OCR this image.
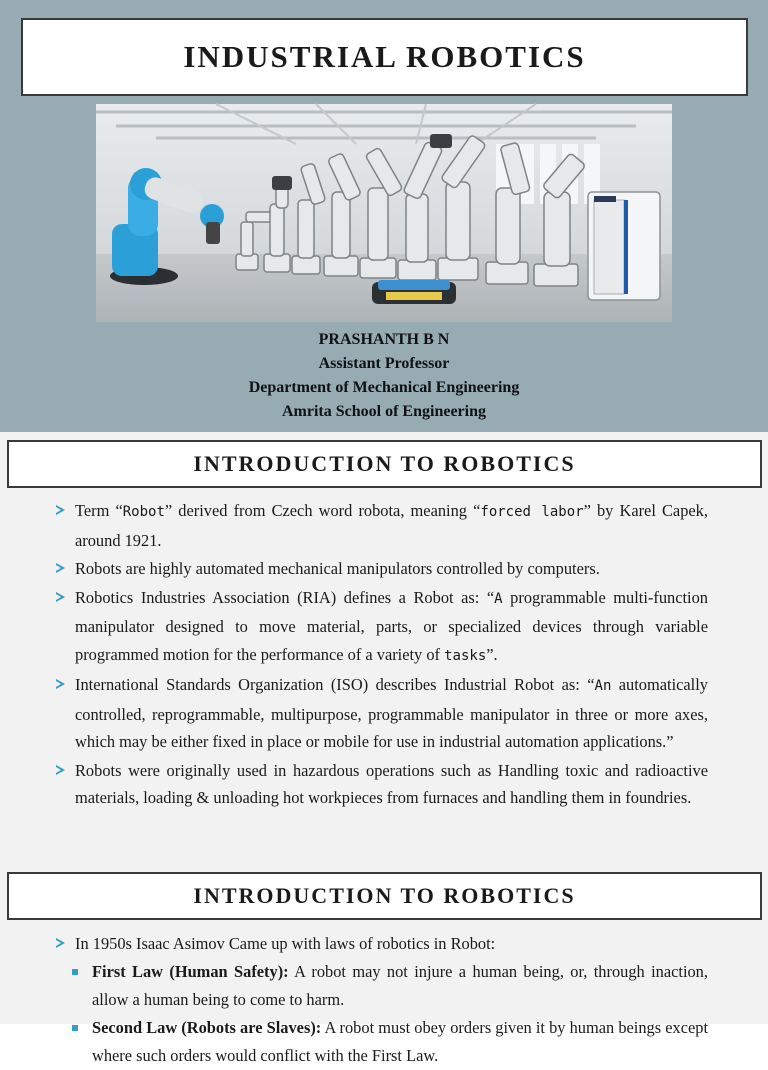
INDUSTRIAL ROBOTICS
PRASHANTH B N
Assistant Professor
Department of Mechanical Engineering
Amrita School of Engineering
INTRODUCTION TO ROBOTICS
Term “Robot” derived from Czech word robota, meaning “forced labor” by Karel Capek, around 1921.
Robots are highly automated mechanical manipulators controlled by computers.
Robotics Industries Association (RIA) defines a Robot as: “A programmable multi-function manipulator designed to move material, parts, or specialized devices through variable programmed motion for the performance of a variety of tasks”.
International Standards Organization (ISO) describes Industrial Robot as: “An automatically controlled, reprogrammable, multipurpose, programmable manipulator in three or more axes, which may be either fixed in place or mobile for use in industrial automation applications.”
Robots were originally used in hazardous operations such as Handling toxic and radioactive materials, loading & unloading hot workpieces from furnaces and handling them in foundries.
INTRODUCTION TO ROBOTICS
In 1950s Isaac Asimov Came up with laws of robotics in Robot:
First Law (Human Safety): A robot may not injure a human being, or, through inaction, allow a human being to come to harm.
Second Law (Robots are Slaves): A robot must obey orders given it by human beings except where such orders would conflict with the First Law.
